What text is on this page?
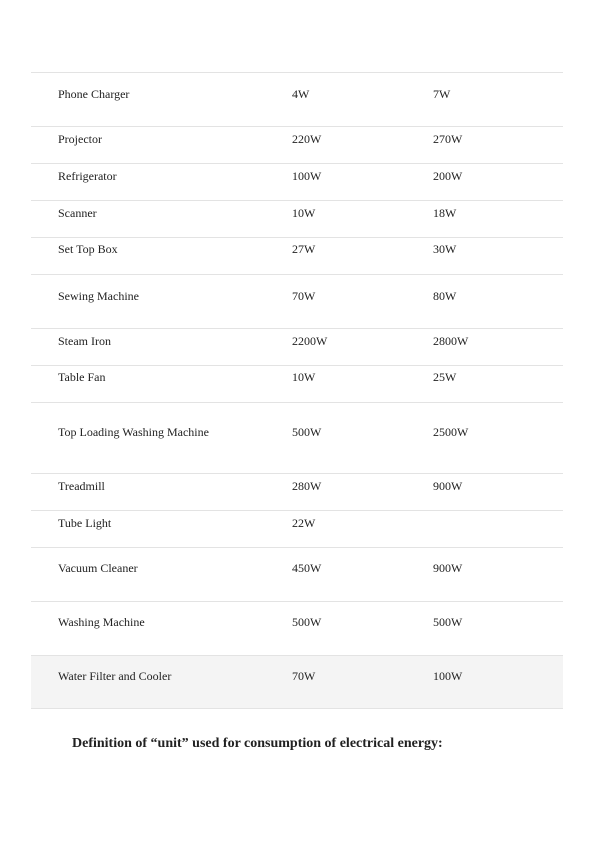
Phone Charger	4W	7W
Projector	220W	270W
Refrigerator	100W	200W
Scanner	10W	18W
Set Top Box	27W	30W
Sewing Machine	70W	80W
Steam Iron	2200W	2800W
Table Fan	10W	25W
Top Loading Washing Machine	500W	2500W
Treadmill	280W	900W
Tube Light	22W
Vacuum Cleaner	450W	900W
Washing Machine	500W	500W
Water Filter and Cooler	70W	100W
Definition of “unit” used for consumption of electrical energy:
